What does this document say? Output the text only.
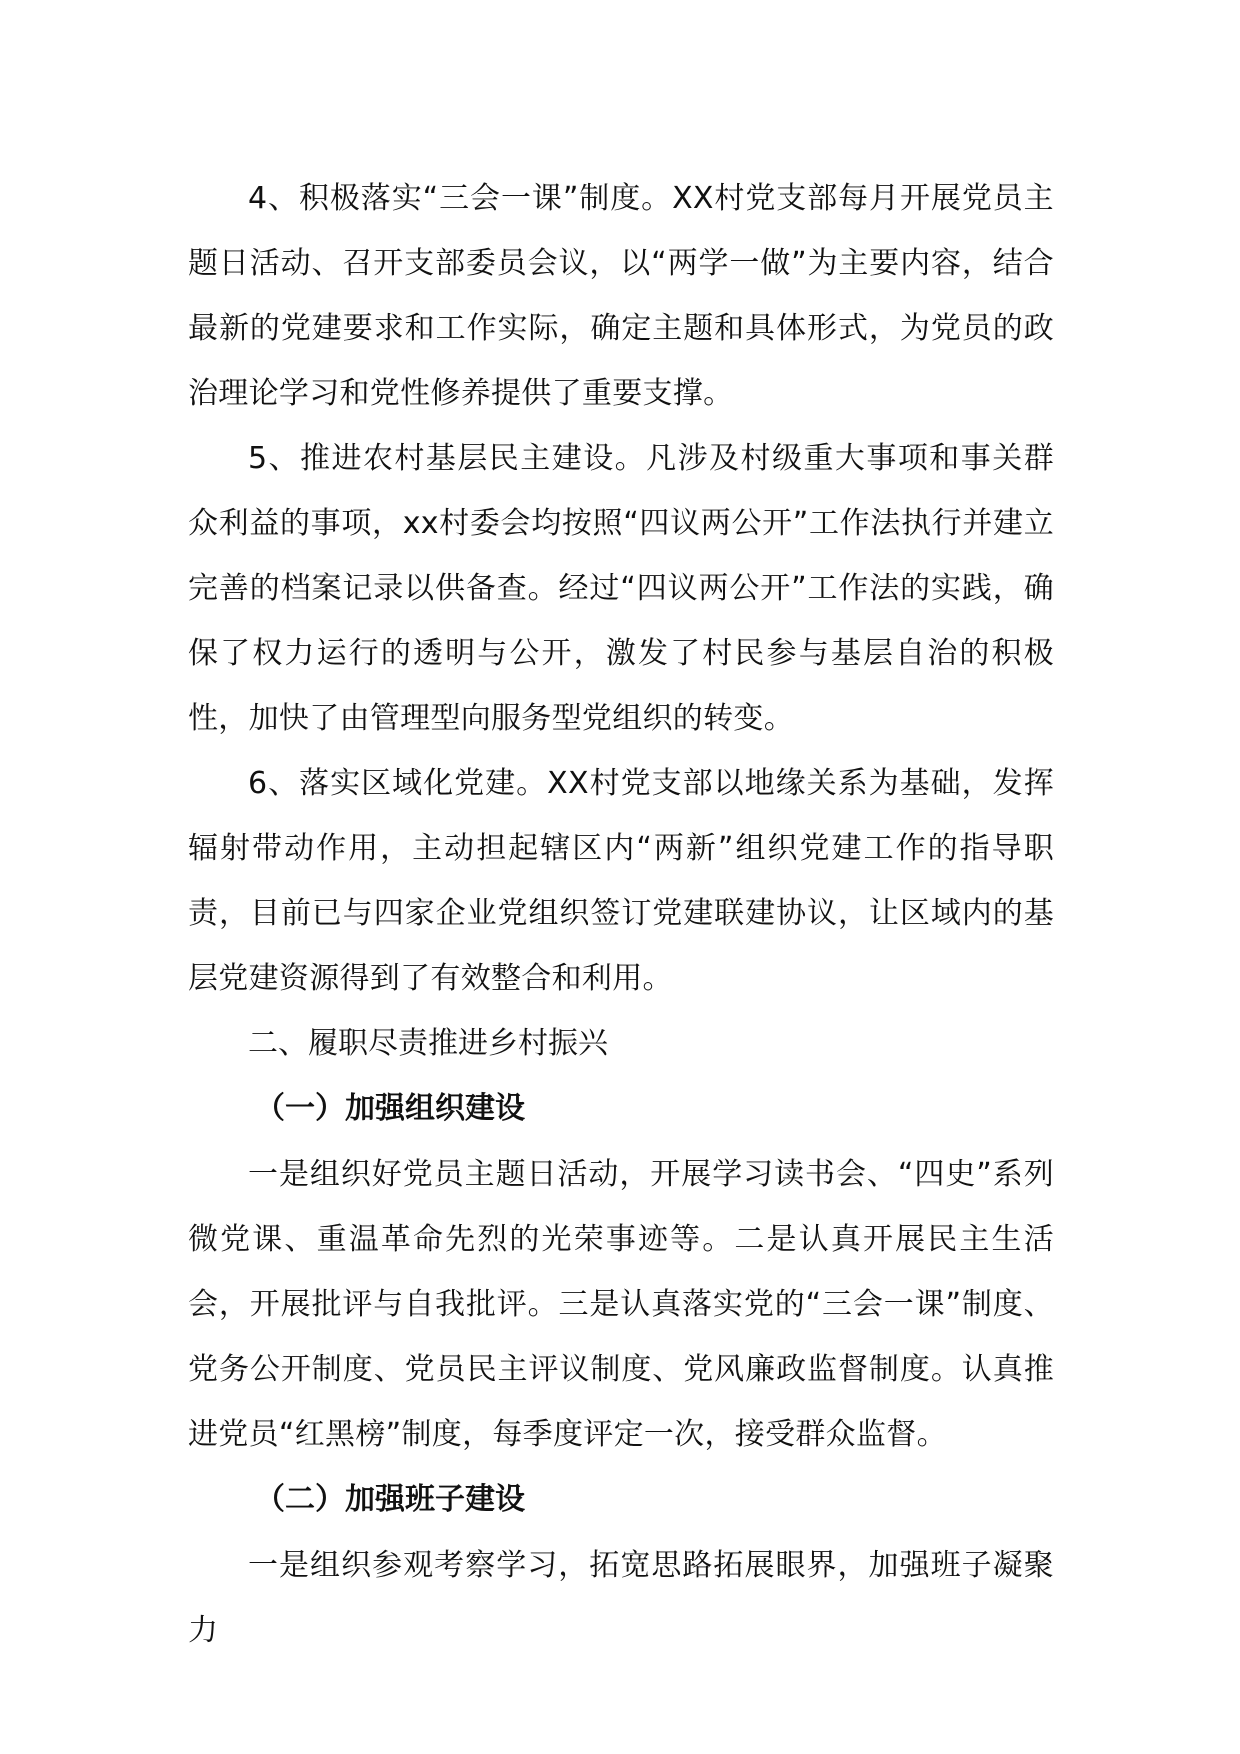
4、积极落实“三会一课”制度。XX村党支部每月开展党员主题日活动、召开支部委员会议，以“两学一做”为主要内容，结合最新的党建要求和工作实际，确定主题和具体形式，为党员的政治理论学习和党性修养提供了重要支撑。

5、推进农村基层民主建设。凡涉及村级重大事项和事关群众利益的事项，xx村委会均按照“四议两公开”工作法执行并建立完善的档案记录以供备查。经过“四议两公开”工作法的实践，确保了权力运行的透明与公开，激发了村民参与基层自治的积极性，加快了由管理型向服务型党组织的转变。

6、落实区域化党建。XX村党支部以地缘关系为基础，发挥辐射带动作用，主动担起辖区内“两新”组织党建工作的指导职责，目前已与四家企业党组织签订党建联建协议，让区域内的基层党建资源得到了有效整合和利用。

二、履职尽责推进乡村振兴

（一）加强组织建设

一是组织好党员主题日活动，开展学习读书会、“四史”系列微党课、重温革命先烈的光荣事迹等。二是认真开展民主生活会，开展批评与自我批评。三是认真落实党的“三会一课”制度、党务公开制度、党员民主评议制度、党风廉政监督制度。认真推进党员“红黑榜”制度，每季度评定一次，接受群众监督。

（二）加强班子建设

一是组织参观考察学习，拓宽思路拓展眼界，加强班子凝聚力
